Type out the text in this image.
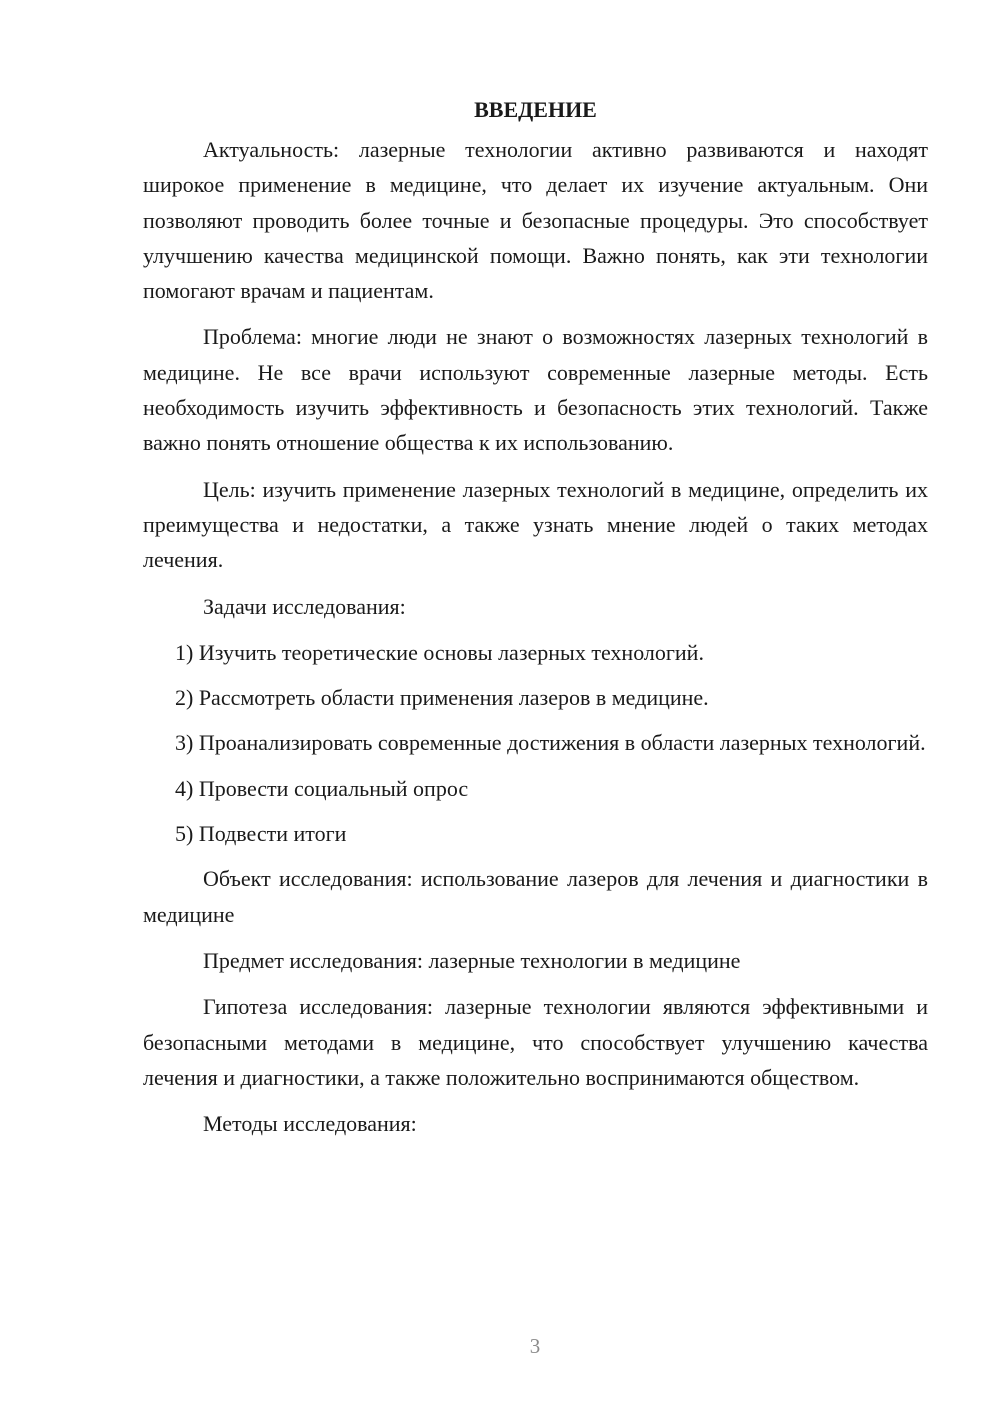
ВВЕДЕНИЕ

Актуальность: лазерные технологии активно развиваются и находят широкое применение в медицине, что делает их изучение актуальным. Они позволяют проводить более точные и безопасные процедуры. Это способствует улучшению качества медицинской помощи. Важно понять, как эти технологии помогают врачам и пациентам.

Проблема: многие люди не знают о возможностях лазерных технологий в медицине. Не все врачи используют современные лазерные методы. Есть необходимость изучить эффективность и безопасность этих технологий. Также важно понять отношение общества к их использованию.

Цель: изучить применение лазерных технологий в медицине, определить их преимущества и недостатки, а также узнать мнение людей о таких методах лечения.

Задачи исследования:

1) Изучить теоретические основы лазерных технологий.

2) Рассмотреть области применения лазеров в медицине.

3) Проанализировать современные достижения в области лазерных технологий.

4) Провести социальный опрос

5) Подвести итоги

Объект исследования: использование лазеров для лечения и диагностики в медицине

Предмет исследования: лазерные технологии в медицине

Гипотеза исследования: лазерные технологии являются эффективными и безопасными методами в медицине, что способствует улучшению качества лечения и диагностики, а также положительно воспринимаются обществом.

Методы исследования:

3
